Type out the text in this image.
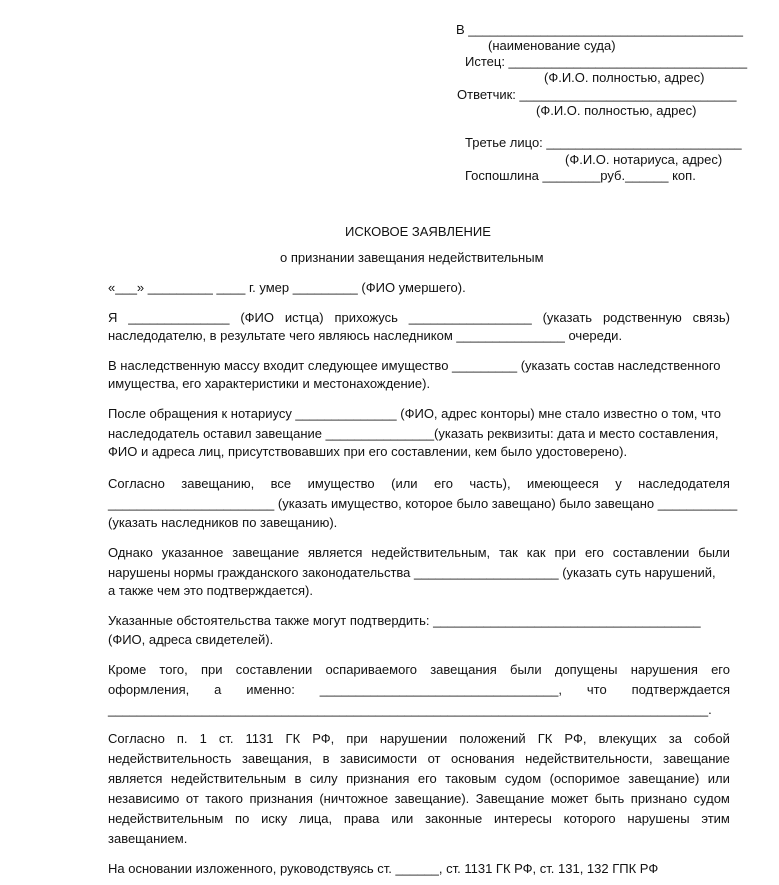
В ______________________________________
(наименование суда)
Истец: _________________________________
(Ф.И.О. полностью, адрес)
Ответчик: ______________________________
(Ф.И.О. полностью, адрес)
Третье лицо: ___________________________
(Ф.И.О. нотариуса, адрес)
Госпошлина ________руб.______ коп.
ИСКОВОЕ ЗАЯВЛЕНИЕ
о признании завещания недействительным
«___» _________ ____ г. умер _________ (ФИО умершего).
Я ______________ (ФИО истца) прихожусь _________________ (указать родственную связь)
наследодателю, в результате чего являюсь наследником _______________ очереди.
В наследственную массу входит следующее имущество _________ (указать состав наследственного
имущества, его характеристики и местонахождение).
После обращения к нотариусу ______________ (ФИО, адрес конторы) мне стало известно о том, что
наследодатель оставил завещание _______________(указать реквизиты: дата и место составления,
ФИО и адреса лиц, присутствовавших при его составлении, кем было удостоверено).
Согласно завещанию, все имущество (или его часть), имеющееся у наследодателя
_______________________ (указать имущество, которое было завещано) было завещано ___________
(указать наследников по завещанию).
Однако указанное завещание является недействительным, так как при его составлении были
нарушены нормы гражданского законодательства ____________________ (указать суть нарушений,
а также чем это подтверждается).
Указанные обстоятельства также могут подтвердить: _____________________________________
(ФИО, адреса свидетелей).
Кроме того, при составлении оспариваемого завещания были допущены нарушения его
оформления, а именно: _________________________________, что подтверждается
___________________________________________________________________________________.
Согласно п. 1 ст. 1131 ГК РФ, при нарушении положений ГК РФ, влекущих за собой
недействительность завещания, в зависимости от основания недействительности, завещание
является недействительным в силу признания его таковым судом (оспоримое завещание) или
независимо от такого признания (ничтожное завещание). Завещание может быть признано судом
недействительным по иску лица, права или законные интересы которого нарушены этим
завещанием.
На основании изложенного, руководствуясь ст. ______, ст. 1131 ГК РФ, ст. 131, 132 ГПК РФ
